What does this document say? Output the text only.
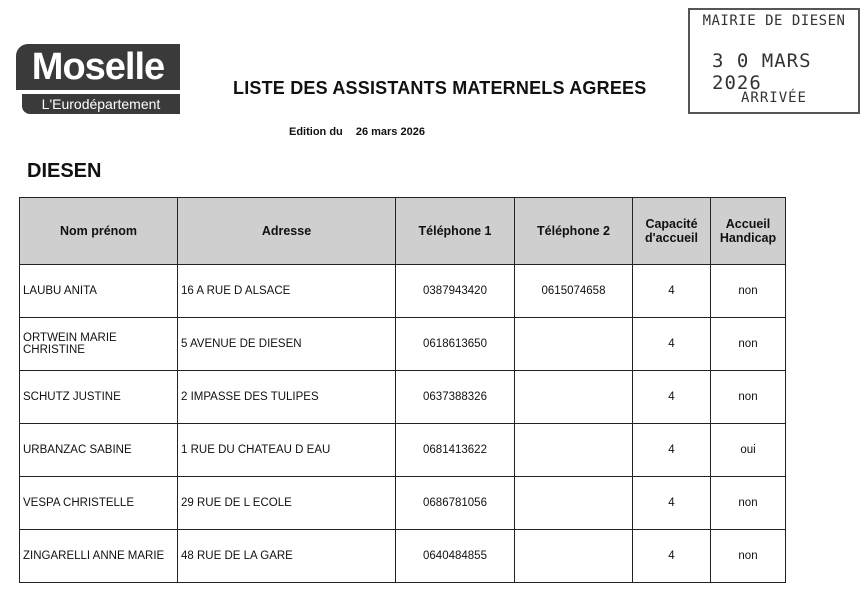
Moselle
L'Eurodépartement
LISTE DES ASSISTANTS MATERNELS AGREES
Edition du 26 mars 2026
DIESEN
MAIRIE DE DIESEN
3 0 MARS 2026
ARRIVÉE
Nom prénom	Adresse	Téléphone 1	Téléphone 2	Capacité d'accueil	Accueil Handicap
LAUBU ANITA	16 A RUE D ALSACE	0387943420	0615074658	4	non
ORTWEIN MARIE CHRISTINE	5 AVENUE DE DIESEN	0618613650		4	non
SCHUTZ JUSTINE	2 IMPASSE DES TULIPES	0637388326		4	non
URBANZAC SABINE	1 RUE DU CHATEAU D EAU	0681413622		4	oui
VESPA CHRISTELLE	29 RUE DE L ECOLE	0686781056		4	non
ZINGARELLI ANNE MARIE	48 RUE DE LA GARE	0640484855		4	non
